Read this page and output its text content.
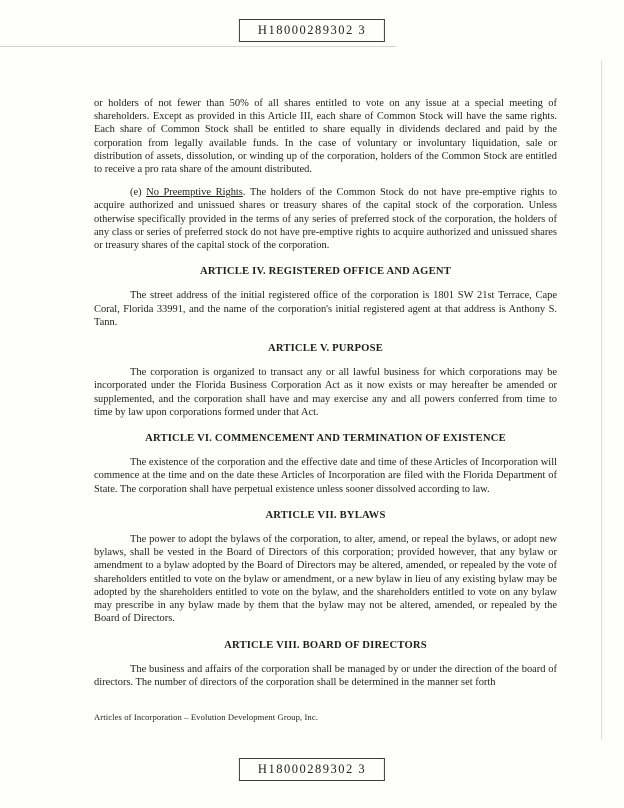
H18000289302 3

or holders of not fewer than 50% of all shares entitled to vote on any issue at a special meeting of shareholders. Except as provided in this Article III, each share of Common Stock will have the same rights. Each share of Common Stock shall be entitled to share equally in dividends declared and paid by the corporation from legally available funds. In the case of voluntary or involuntary liquidation, sale or distribution of assets, dissolution, or winding up of the corporation, holders of the Common Stock are entitled to receive a pro rata share of the amount distributed.

(e) No Preemptive Rights. The holders of the Common Stock do not have pre-emptive rights to acquire authorized and unissued shares or treasury shares of the capital stock of the corporation. Unless otherwise specifically provided in the terms of any series of preferred stock of the corporation, the holders of any class or series of preferred stock do not have pre-emptive rights to acquire authorized and unissued shares or treasury shares of the capital stock of the corporation.

ARTICLE IV. REGISTERED OFFICE AND AGENT

The street address of the initial registered office of the corporation is 1801 SW 21st Terrace, Cape Coral, Florida 33991, and the name of the corporation's initial registered agent at that address is Anthony S. Tann.

ARTICLE V. PURPOSE

The corporation is organized to transact any or all lawful business for which corporations may be incorporated under the Florida Business Corporation Act as it now exists or may hereafter be amended or supplemented, and the corporation shall have and may exercise any and all powers conferred from time to time by law upon corporations formed under that Act.

ARTICLE VI. COMMENCEMENT AND TERMINATION OF EXISTENCE

The existence of the corporation and the effective date and time of these Articles of Incorporation will commence at the time and on the date these Articles of Incorporation are filed with the Florida Department of State. The corporation shall have perpetual existence unless sooner dissolved according to law.

ARTICLE VII. BYLAWS

The power to adopt the bylaws of the corporation, to alter, amend, or repeal the bylaws, or adopt new bylaws, shall be vested in the Board of Directors of this corporation; provided however, that any bylaw or amendment to a bylaw adopted by the Board of Directors may be altered, amended, or repealed by the vote of shareholders entitled to vote on the bylaw or amendment, or a new bylaw in lieu of any existing bylaw may be adopted by the shareholders entitled to vote on the bylaw, and the shareholders entitled to vote on any bylaw may prescribe in any bylaw made by them that the bylaw may not be altered, amended, or repealed by the Board of Directors.

ARTICLE VIII. BOARD OF DIRECTORS

The business and affairs of the corporation shall be managed by or under the direction of the board of directors. The number of directors of the corporation shall be determined in the manner set forth

Articles of Incorporation – Evolution Development Group, Inc.
H18000289302 3
